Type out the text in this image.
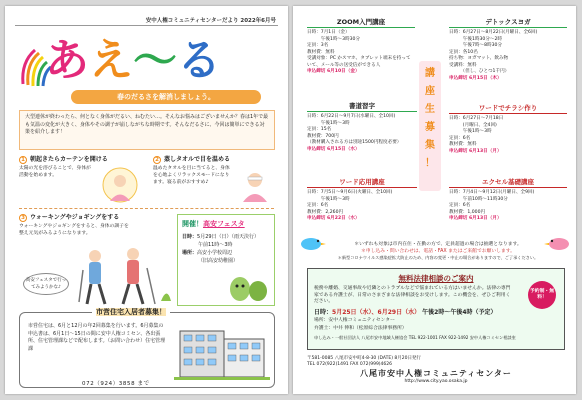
安中人権コミュニティセンターだより 2022年6月号
あえ〜る
春のだるさを解消しましょう。
大型連休が終わったら、何となく身体がだるい、ねむたい…。そんなお悩みはございませんか？春は1年で最も気温の変化が大きく、身体やその調子が崩しながちな時期です。そんなだるさに、今回は簡単にできる対策を紹介します！
1 朝起きたらカーテンを開ける
太陽の光を浴びることで、身体が活動を始めます。
2 蒸しタオルで目を温める
温めたタオルを目に当てると、身体を心地よくリラックスモードになります。寝る前がおすすめ♪
3 ウォーキングやジョギングをする
ウォーキングやジョギングをすると、身体の調子を整え元気がみるようになります。
高安フェスタで行ってみようかな♪
開催！高安フェスタ
日時：5月29日（日）（雨天決行）
午前11時～3時
場所：高安小学校周辺
（旧高安幼稚園）
市営住宅入居者募集！
市営住宅は、6月と12月の年2回募集を行います。6月募集の申込書は、6月1日～15日の間に安中人権コミセン、各出張所、住宅管理課などで配布します。（お問い合わせ）住宅管理課
072（924）3858 まで
ZOOM入門講座
日時：7月1日（金）
　　　午後1時～3時30分
定員：3名
教材費：無料
受講対象：PC かスマホ、タブレット端末を持っていて、メール等の送受信ができる人
申込締切 6月10日（金）	講
座
生
募
集
！
デトックスヨガ
日時：6月27日～8月22日(月曜日、全6回)
　　　午後1時30分～2時
　　　午後7時～8時30分
定員：各10名
持ち物：ヨガマット、飲み物
受講料：無料
　　　（但し、ひとつ1千円）
申込締切 6月15日（木）
書道習字
日時：6月22日～9月7日(水曜日、全10回)
　　　午後1時～3時
定員：15名
教材費：700円
（教材購入される方は別途1500円程度必要）
申込締切 6月15日（水）
ワードでチラシ作り
日時：6月27日～7月18日
　　　(月曜日、全4回)
　　　午後1時～3時
定員：6名
教材費：無料
申込締切 6月13日（月）
ワード応用講座
日時：7月5日～9月6日(火曜日、全10回)
　　　午後1時～3時
定員：6名
教材費：2,260円
申込締切 6月22日（水）
エクセル基礎講座
日時：7月4日～9月12日(月曜日、全9回)
　　　午前10時～11時30分
定員：6名
教材費：1,000円
申込締切 6月13日（月）
＊いずれも対象は市内在住・在勤の方で、定員超過の場合は抽選となります。
＊申し込み・問い合わせは、電話・FAX またはご来館でお願いします。
＊新型コロナウイルス感染症拡大防止のため、内容の変更・中止の場合がありますので、ご了承ください。
無料法律相談のご案内
税務や離婚、交通事故や近隣とのトラブルなどで悩まれている方はいませんか。法律の専門家である弁護士が、日常のさまざまな法律相談をお受けします。この機会を、ぜひご利用ください。
日時：5月25日（水）、6月29日（水） 午後2時～午後4時（予定）
場所：安中人権コミュニティセンター
弁護士：中井 伸和（松原綜合法律事務所）
申し込み・一般社団法人 八尾市安中地域人権協会 TEL 922-1001 FAX 922-1492 安中人権コミセン相談室
予約制・無料！
〒581-0085 八尾市安中町4-8-30 (DATE) 8月20日発行
TEL 072(922)1491 FAX 072(999)4626
八尾市安中人権コミュニティセンター
http://www.city.yao.osaka.jp
